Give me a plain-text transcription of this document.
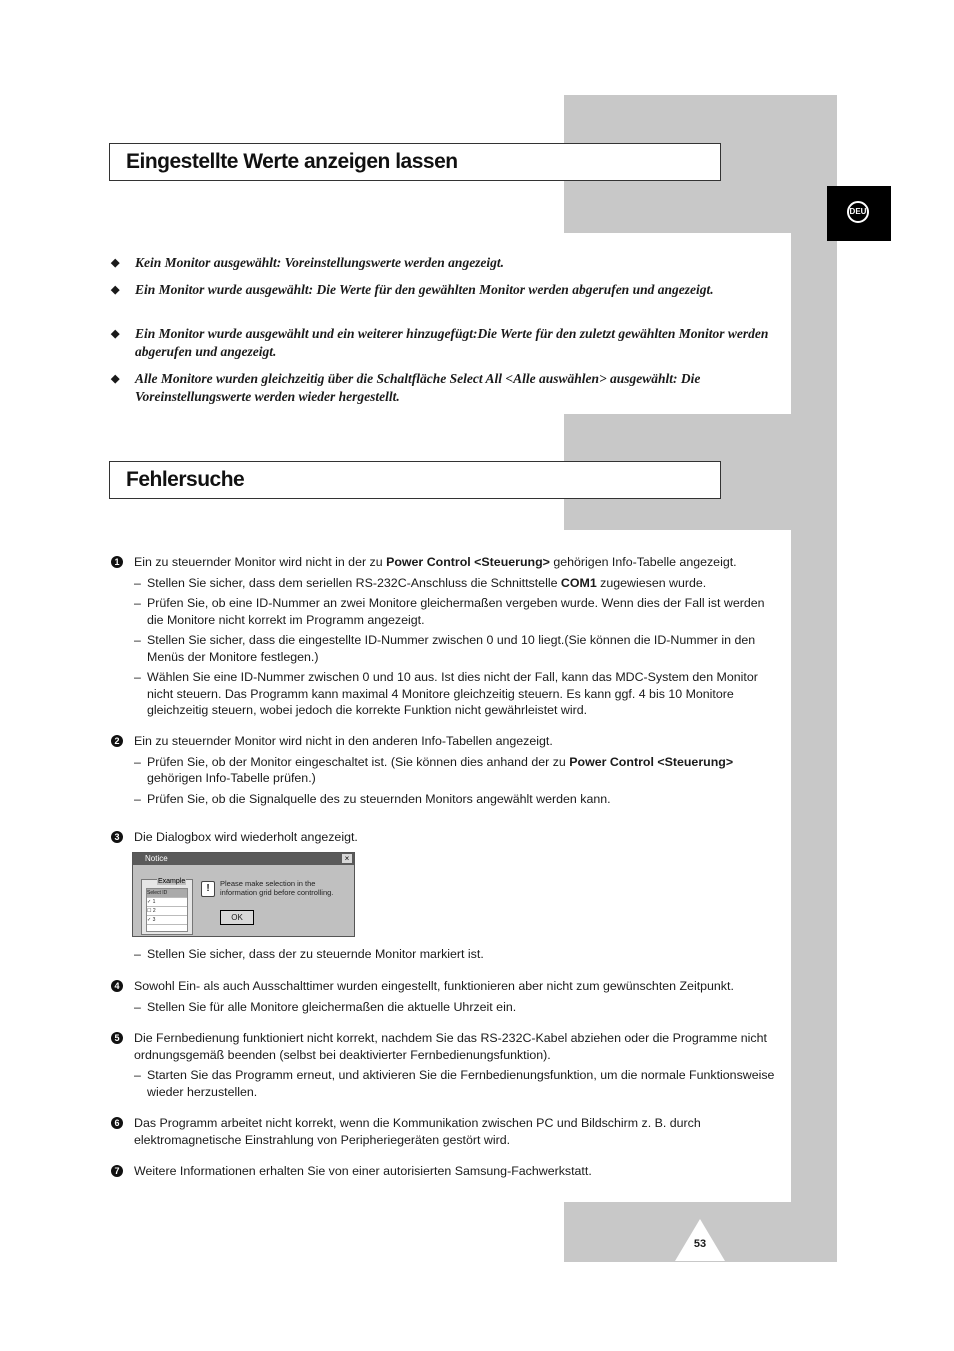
DEU
Eingestellte Werte anzeigen lassen
◆ Kein Monitor ausgewählt: Voreinstellungswerte werden angezeigt.
◆ Ein Monitor wurde ausgewählt: Die Werte für den gewählten Monitor werden abgerufen und angezeigt.
◆ Ein Monitor wurde ausgewählt und ein weiterer hinzugefügt:Die Werte für den zuletzt gewählten Monitor werden abgerufen und angezeigt.
◆ Alle Monitore wurden gleichzeitig über die Schaltfläche Select All <Alle auswählen> ausgewählt: Die Voreinstellungswerte werden wieder hergestellt.
Fehlersuche
1 Ein zu steuernder Monitor wird nicht in der zu Power Control <Steuerung> gehörigen Info-Tabelle angezeigt.
– Stellen Sie sicher, dass dem seriellen RS-232C-Anschluss die Schnittstelle COM1 zugewiesen wurde.
– Prüfen Sie, ob eine ID-Nummer an zwei Monitore gleichermaßen vergeben wurde. Wenn dies der Fall ist werden die Monitore nicht korrekt im Programm angezeigt.
– Stellen Sie sicher, dass die eingestellte ID-Nummer zwischen 0 und 10 liegt.(Sie können die ID-Nummer in den Menüs der Monitore festlegen.)
– Wählen Sie eine ID-Nummer zwischen 0 und 10 aus. Ist dies nicht der Fall, kann das MDC-System den Monitor nicht steuern. Das Programm kann maximal 4 Monitore gleichzeitig steuern. Es kann ggf. 4 bis 10 Monitore gleichzeitig steuern, wobei jedoch die korrekte Funktion nicht gewährleistet wird.
2 Ein zu steuernder Monitor wird nicht in den anderen Info-Tabellen angezeigt.
– Prüfen Sie, ob der Monitor eingeschaltet ist. (Sie können dies anhand der zu Power Control <Steuerung> gehörigen Info-Tabelle prüfen.)
– Prüfen Sie, ob die Signalquelle des zu steuernden Monitors angewählt werden kann.
3 Die Dialogbox wird wiederholt angezeigt.
Notice	×
Example
Select ID
✓ 1
☐ 2
✓ 3
!	Please make selection in the information grid before controlling.
OK
– Stellen Sie sicher, dass der zu steuernde Monitor markiert ist.
4 Sowohl Ein- als auch Ausschalttimer wurden eingestellt, funktionieren aber nicht zum gewünschten Zeitpunkt.
– Stellen Sie für alle Monitore gleichermaßen die aktuelle Uhrzeit ein.
5 Die Fernbedienung funktioniert nicht korrekt, nachdem Sie das RS-232C-Kabel abziehen oder die Programme nicht ordnungsgemäß beenden (selbst bei deaktivierter Fernbedienungsfunktion).
– Starten Sie das Programm erneut, und aktivieren Sie die Fernbedienungsfunktion, um die normale Funktionsweise wieder herzustellen.
6 Das Programm arbeitet nicht korrekt, wenn die Kommunikation zwischen PC und Bildschirm z. B. durch elektromagnetische Einstrahlung von Peripheriegeräten gestört wird.
7 Weitere Informationen erhalten Sie von einer autorisierten Samsung-Fachwerkstatt.
53
